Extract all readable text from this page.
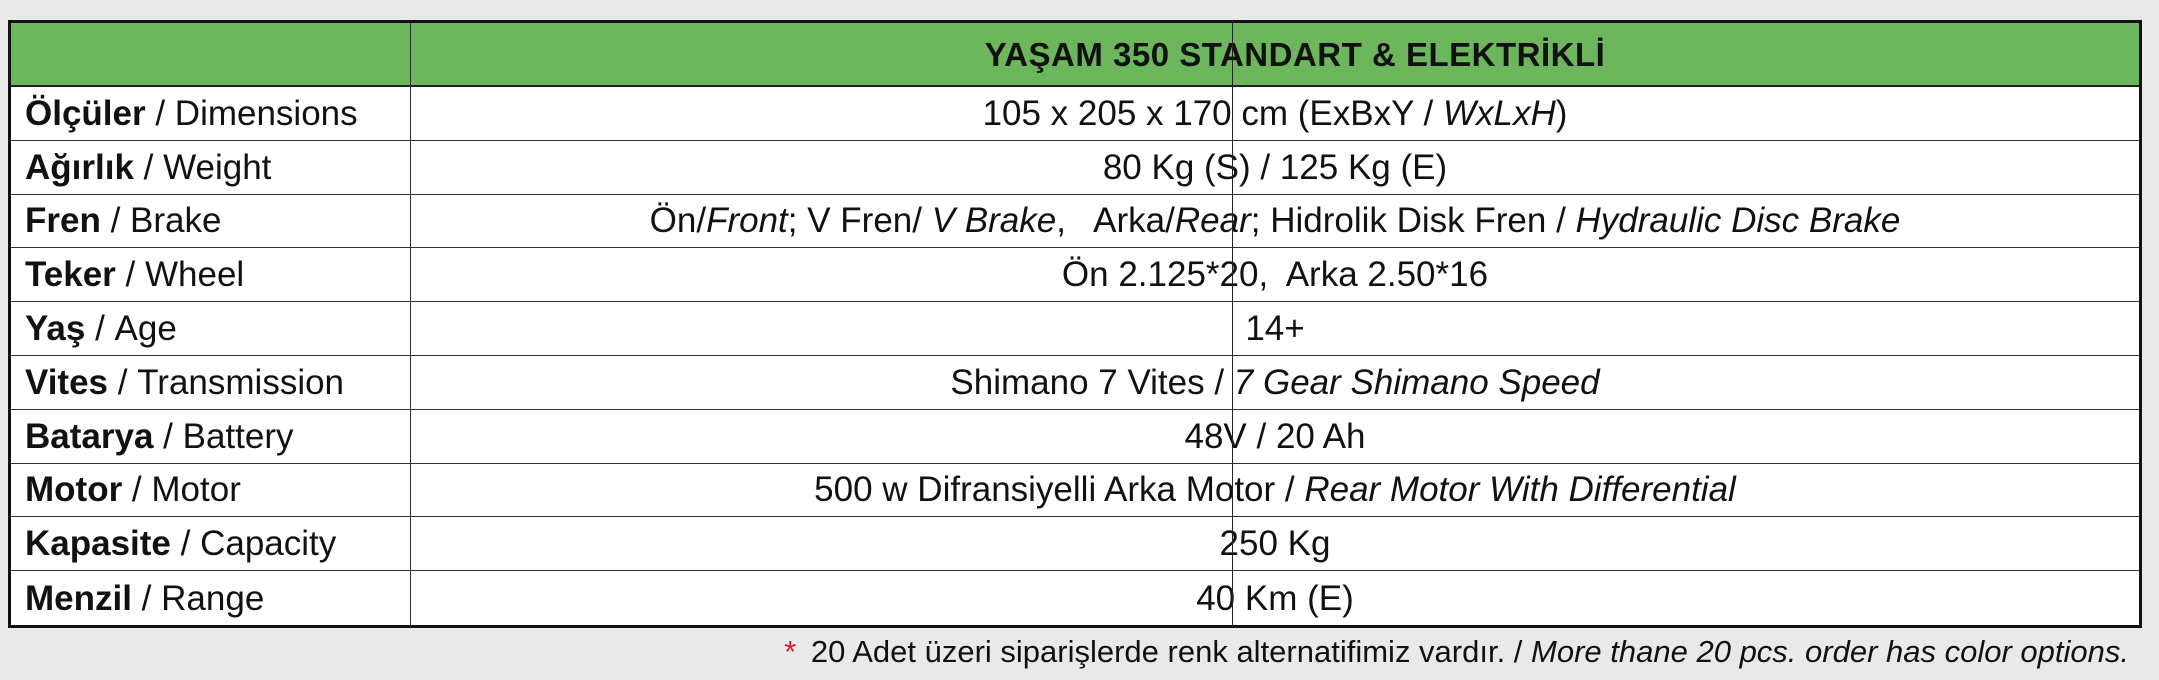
YAŞAM 350 STANDART & ELEKTRİKLİ
Ölçüler / Dimensions	105 x 205 x 170 cm (ExBxY / WxLxH)
Ağırlık / Weight	80 Kg (S) / 125 Kg (E)
Fren / Brake	Ön/Front; V Fren/ V Brake,   Arka/Rear; Hidrolik Disk Fren / Hydraulic Disc Brake
Teker / Wheel	Ön 2.125*20,  Arka 2.50*16
Yaş / Age	14+
Vites / Transmission	Shimano 7 Vites / 7 Gear Shimano Speed
Batarya / Battery	48V / 20 Ah
Motor / Motor	500 w Difransiyelli Arka Motor / Rear Motor With Differential
Kapasite / Capacity	250 Kg
Menzil / Range	40 Km (E)
* 20 Adet üzeri siparişlerde renk alternatifimiz vardır. / More thane 20 pcs. order has color options.
